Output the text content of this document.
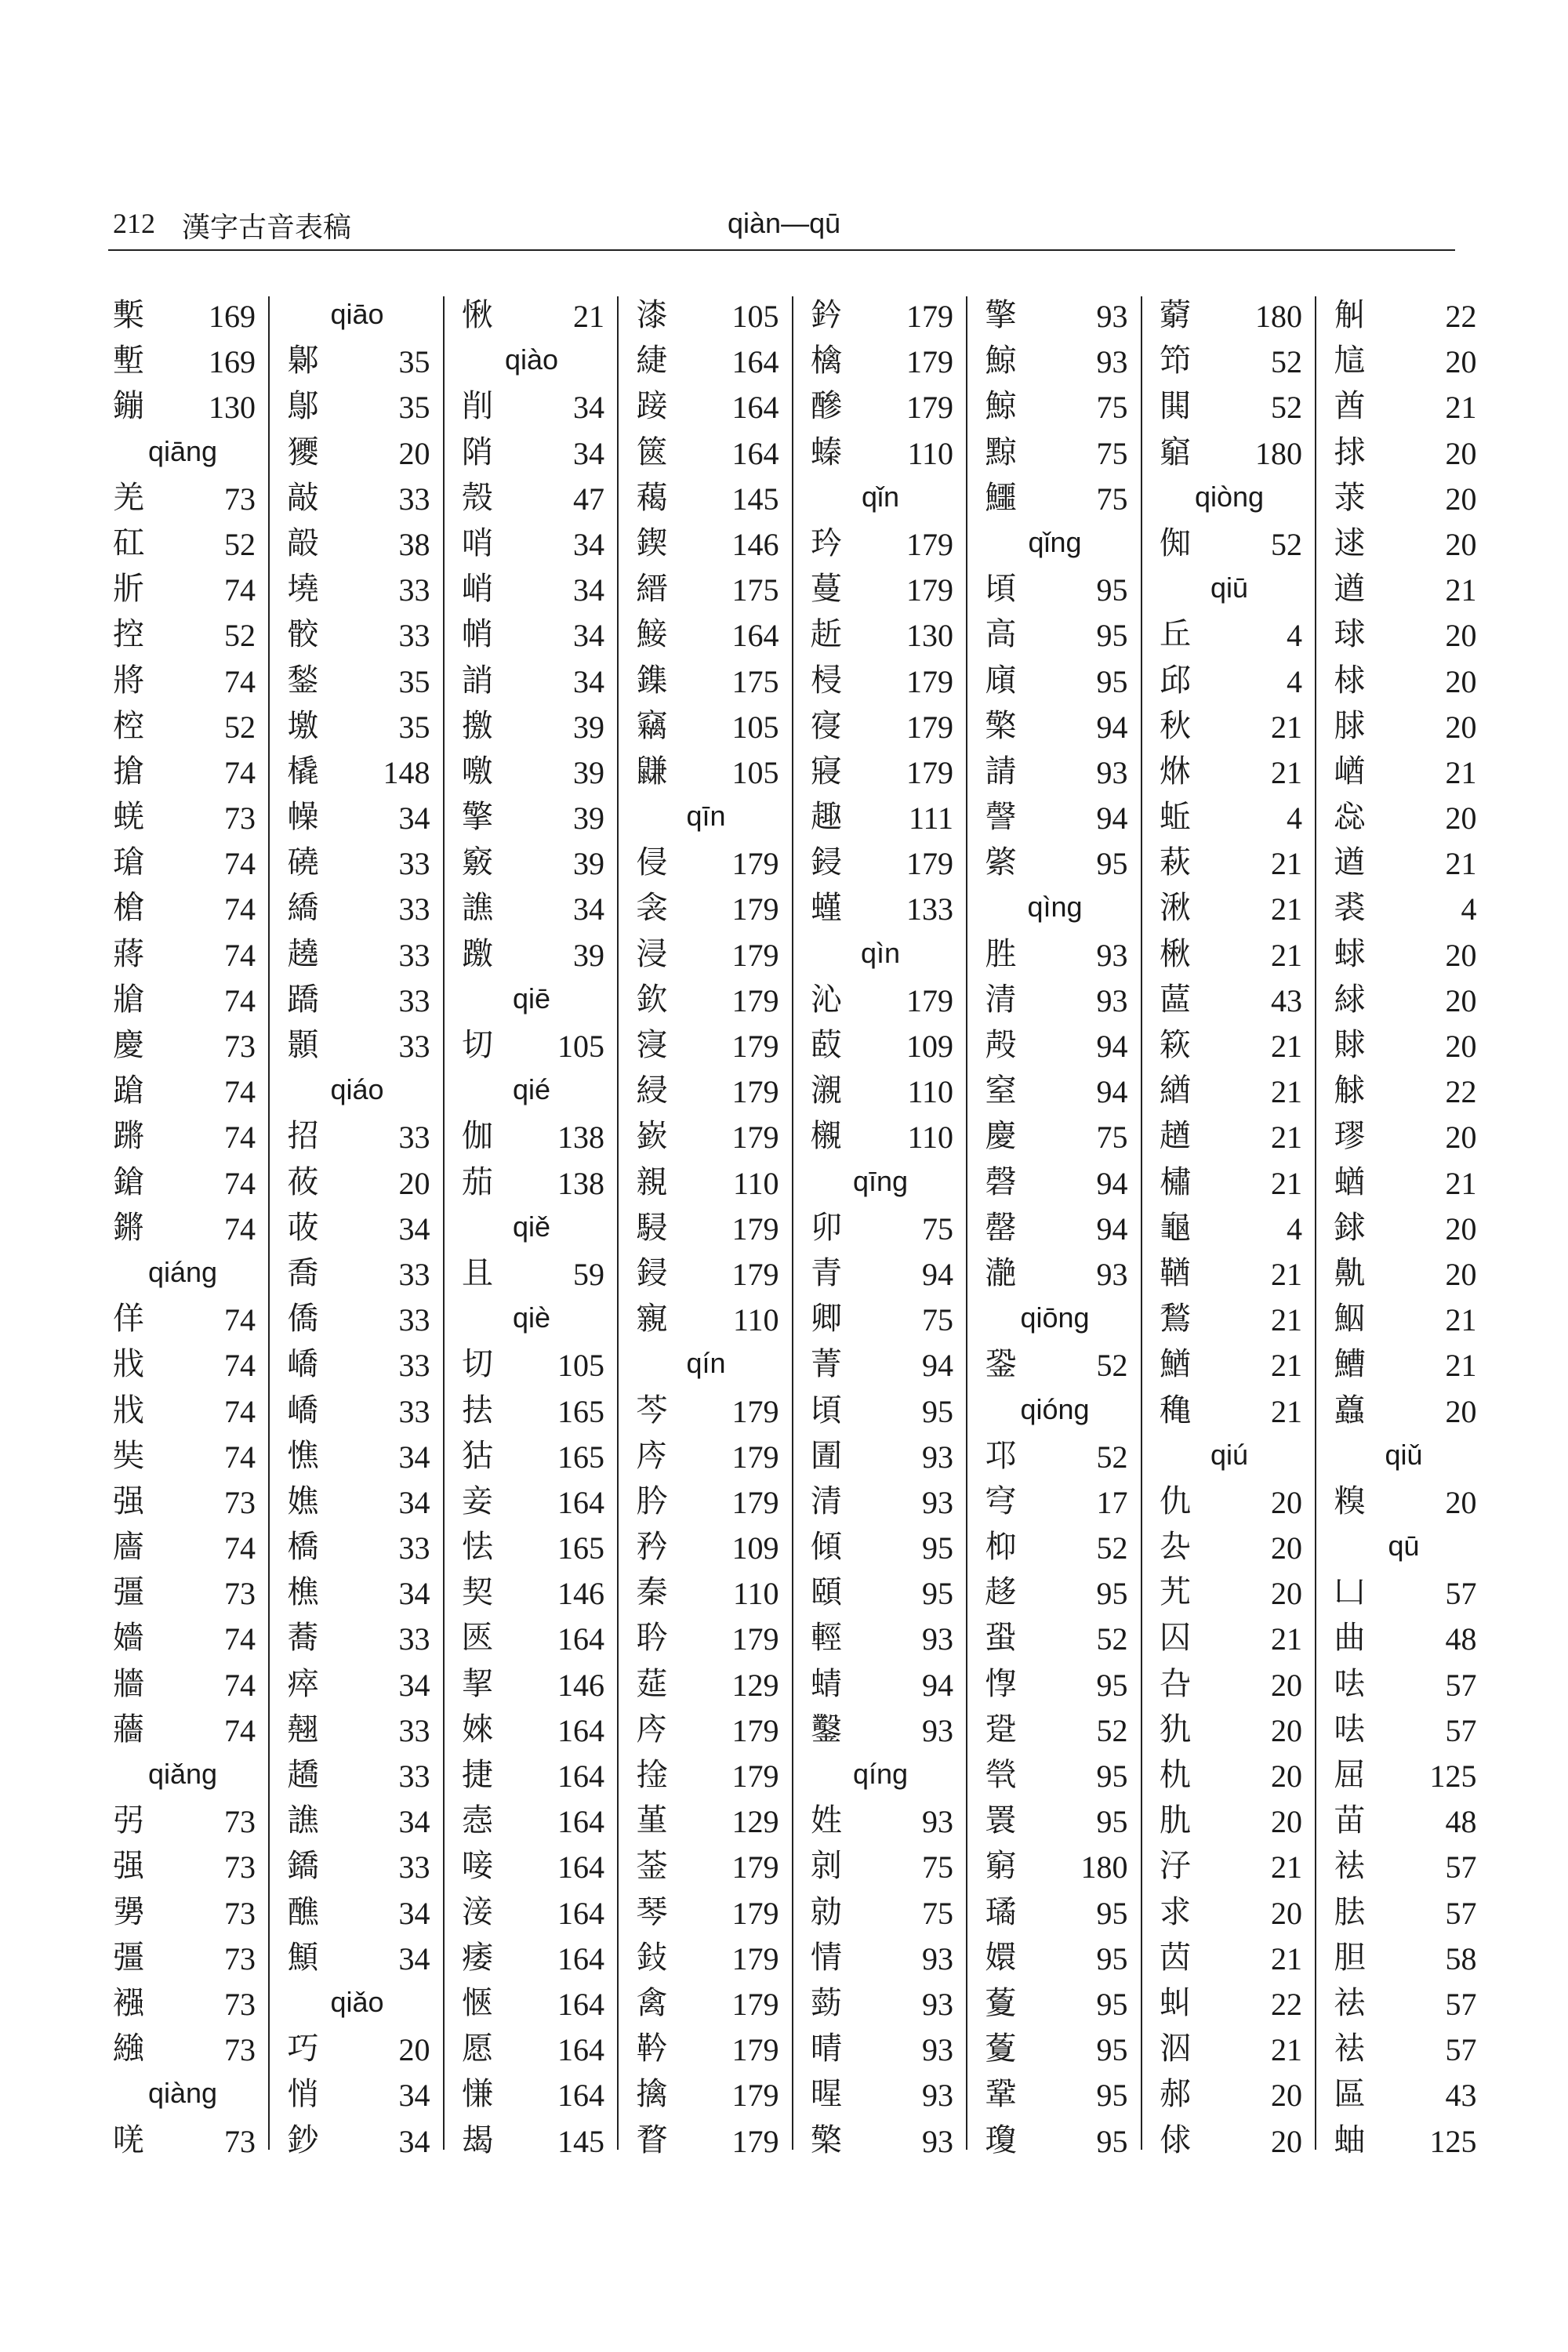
212 漢字古音表稿	qiàn—qū
槧 169
塹 169
鏰 130
qiāng
羌	73
矼	52
斨	74
控	52
將	74
椌	52
搶	74
蜣	73
瑲	74
槍	74
蔣	74
牄	74
慶	73
蹌	74
蹡	74
鎗	74
鏘	74
qiáng
佯	74
戕	74
戕	74
奘	74
强	73
廧	74
彊	73
嬙	74
牆	74
蘠	74
qiǎng
弜	73
强	73
勥	73
彊	73
襁	73
繈	73
qiàng
唴	73
qiāo
鄡	35
鄥	35
獿	20
敲	33
毃	38
墝	33
骹	33
鍫	35
墽	35
橇 148
幧	34
磽	33
繑	33
趬	33
蹻	33
顥	33
qiáo
招	33
莜	20
荍	34
喬	33
僑	33
嶠	33
嶠	33
憔	34
嫶	34
橋	33
樵	34
蕎	33
瘁	34
翹	33
趫	33
譙	34
鐈	33
醮	34
顦	34
qiǎo
巧	20
悄	34
鈔	34
愀	21
qiào
削	34
陗	34
殼	47
哨	34
峭	34
帩	34
誚	34
撽	39
噭	39
擎	39
竅	39
譙	34
躈	39
qiē
切 105
qié
伽 138
茄 138
qiě
且	59
qiè
切 105
抾 165
狜 165
妾 164
怯 165
契 146
匧 164
挈 146
婡 164
捷 164
悫 164
唼 164
淁 164
痿 164
愜 164
愿 164
慊 164
朅 145
漆 105
緁 164
踥 164
篋 164
藒 145
鍥 146
縉 175
鯜 164
鏶 175
竊 105
鼸 105
qīn
侵 179
衾 179
浸 179
欽 179
寖 179
綅 179
嶔 179
親 110
駸 179
鋟 179
寴 110
qín
芩 179
庈 179
肣 179
矜 109
秦 110
耹 179
莚 129
庈 179
捦 179
堇 129
菳 179
琴 179
鈙 179
禽 179
靲 179
擒 179
瞀 179
鈐 179
檎 179
醦 179
螓 110
qǐn
玪 179
蔓 179
赾 130
梫 179
寑 179
寢 179
趣 111
鋟 179
螼 133
qìn
沁 179
菣 109
瀙 110
櫬 110
qīng
卯	75
青	94
卿	75
菁	94
頃	95
圊	93
清	93
傾	95
頤	95
輕	93
蜻	94
鑿	93
qíng
姓	93
剠	75
勍	75
情	93
葝	93
晴	93
暒	93
檠	93
擎	93
鯨	93
鯨	75
黥	75
鱷	75
qǐng
頃	95
高	95
廎	95
檠	94
請	93
謦	94
綮	95
qìng
胜	93
清	93
殸	94
窒	94
慶	75
磬	94
罄	94
濪	93
qiōng
銎	52
qióng
邛	52
穹	17
枊	52
趍	95
蛩	52
惸	95
跫	52
煢	95
瞏	95
窮 180
璚	95
嬛	95
藑	95
藑	95
鞏	95
瓊	95
藭 180
笻	52
閧	52
竆 180
qiòng
倁	52
qiū
丘	4
邱	4
秋	21
烌	21
蚯	4
萩	21
湫	21
楸	21
蓲	43
篍	21
緧	21
趥	21
橚	21
龜	4
鞧	21
鶖	21
鰌	21
穐	21
qiú
仇	20
厹	20
艽	20
囚	21
叴	20
犰	20
朹	20
肍	20
汓	21
求	20
苬	21
虯	22
泅	21
郝	20
俅	20
觓	22
訄	20
酋	21
捄	20
莍	20
逑	20
遒	21
球	20
梂	20
脙	20
崷	21
惢	20
遒	21
裘	4
蛷	20
絿	20
賕	20
觩	22
璆	20
蝤	21
銶	20
鼽	20
鮂	21
鰽	21
蠤	20
qiǔ
糗	20
qū
凵	57
曲	48
呿	57
呿	57
屈 125
苗	48
袪	57
胠	57
胆	58
祛	57
袪	57
區	43
蚰 125
